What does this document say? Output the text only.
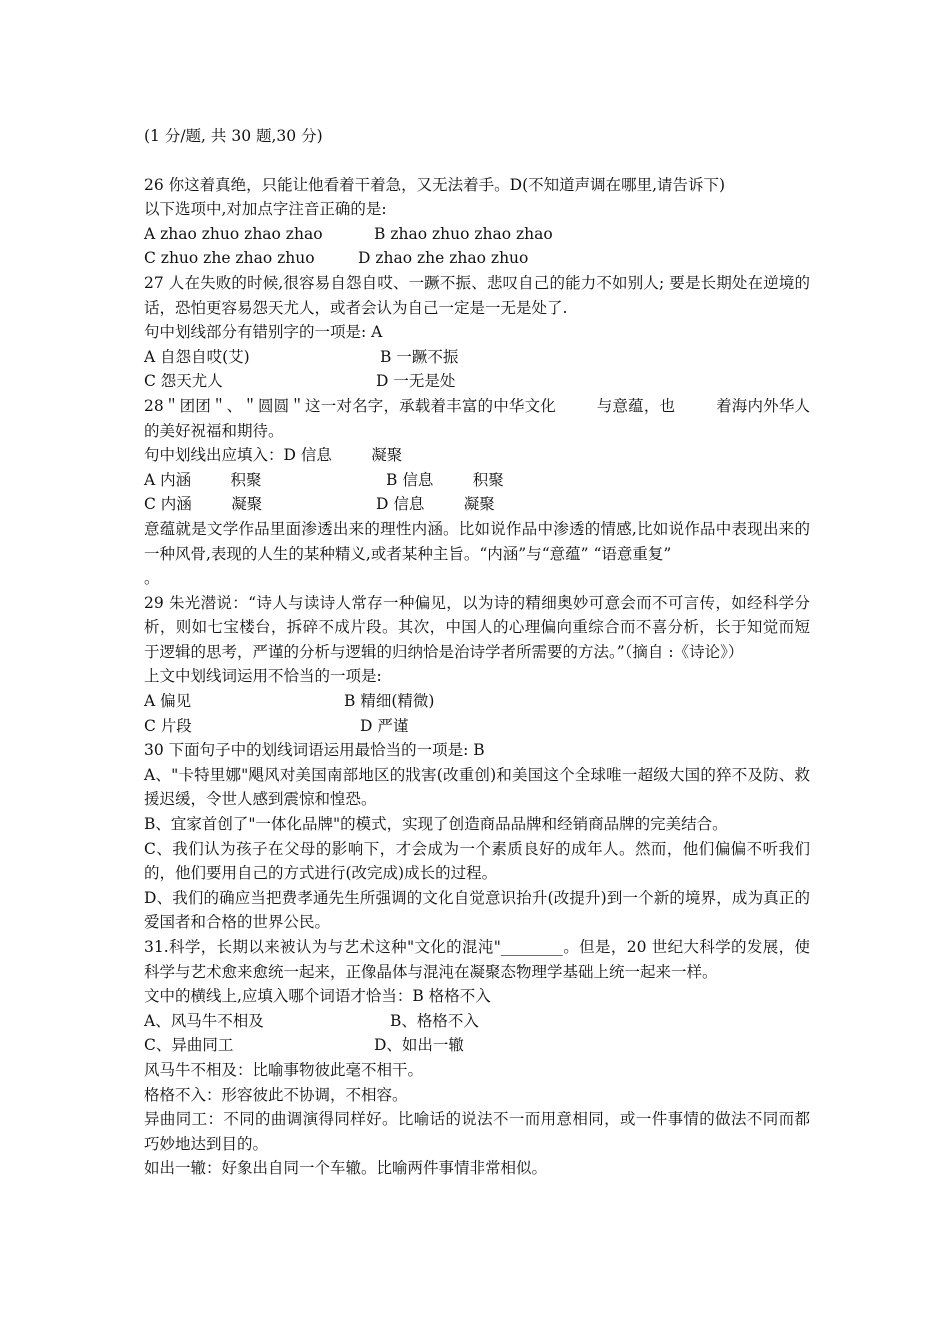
(1 分/题, 共 30 题,30 分)
26 你这着真绝，只能让他看着干着急，又无法着手。D(不知道声调在哪里,请告诉下)
以下选项中,对加点字注音正确的是:
A zhao zhuo zhao zhao	B zhao zhuo zhao zhao
C zhuo zhe zhao zhuo	D zhao zhe zhao zhuo
27 人在失败的时候,很容易自怨自哎、一蹶不振、悲叹自己的能力不如别人; 要是长期处在逆境的话，恐怕更容易怨天尤人，或者会认为自己一定是一无是处了.
句中划线部分有错别字的一项是: A
A 自怨自哎(艾)	B 一蹶不振
C 怨天尤人	D 一无是处
28＂团团＂、＂圆圆＂这一对名字，承载着丰富的中华文化        与意蕴，也        着海内外华人的美好祝福和期待。
句中划线出应填入：D 信息        凝聚
A 内涵        积聚	B 信息        积聚
C 内涵        凝聚	D 信息        凝聚
意蕴就是文学作品里面渗透出来的理性内涵。比如说作品中渗透的情感,比如说作品中表现出来的一种风骨,表现的人生的某种精义,或者某种主旨。“内涵”与“意蕴” “语意重复”
。
29 朱光潜说：“诗人与读诗人常存一种偏见，以为诗的精细奥妙可意会而不可言传，如经科学分析，则如七宝楼台，拆碎不成片段。其次，中国人的心理偏向重综合而不喜分析，长于知觉而短于逻辑的思考，严谨的分析与逻辑的归纳恰是治诗学者所需要的方法。”（摘自 :《诗论》）
上文中划线词运用不恰当的一项是:
A 偏见	B 精细(精微)
C 片段	D 严谨
30 下面句子中的划线词语运用最恰当的一项是: B
A、"卡特里娜"飓风对美国南部地区的戕害(改重创)和美国这个全球唯一超级大国的猝不及防、救援迟缓，令世人感到震惊和惶恐。
B、宜家首创了"一体化品牌"的模式，实现了创造商品品牌和经销商品牌的完美结合。
C、我们认为孩子在父母的影响下，才会成为一个素质良好的成年人。然而，他们偏偏不听我们的，他们要用自己的方式进行(改完成)成长的过程。
D、我们的确应当把费孝通先生所强调的文化自觉意识抬升(改提升)到一个新的境界，成为真正的爱国者和合格的世界公民。
31.科学，长期以来被认为与艺术这种"文化的混沌"________。但是，20 世纪大科学的发展，使科学与艺术愈来愈统一起来，正像晶体与混沌在凝聚态物理学基础上统一起来一样。
文中的横线上,应填入哪个词语才恰当：B 格格不入
A、风马牛不相及	B、格格不入
C、异曲同工	D、如出一辙
风马牛不相及：比喻事物彼此毫不相干。
格格不入：形容彼此不协调，不相容。
异曲同工：不同的曲调演得同样好。比喻话的说法不一而用意相同，或一件事情的做法不同而都巧妙地达到目的。
如出一辙：好象出自同一个车辙。比喻两件事情非常相似。
